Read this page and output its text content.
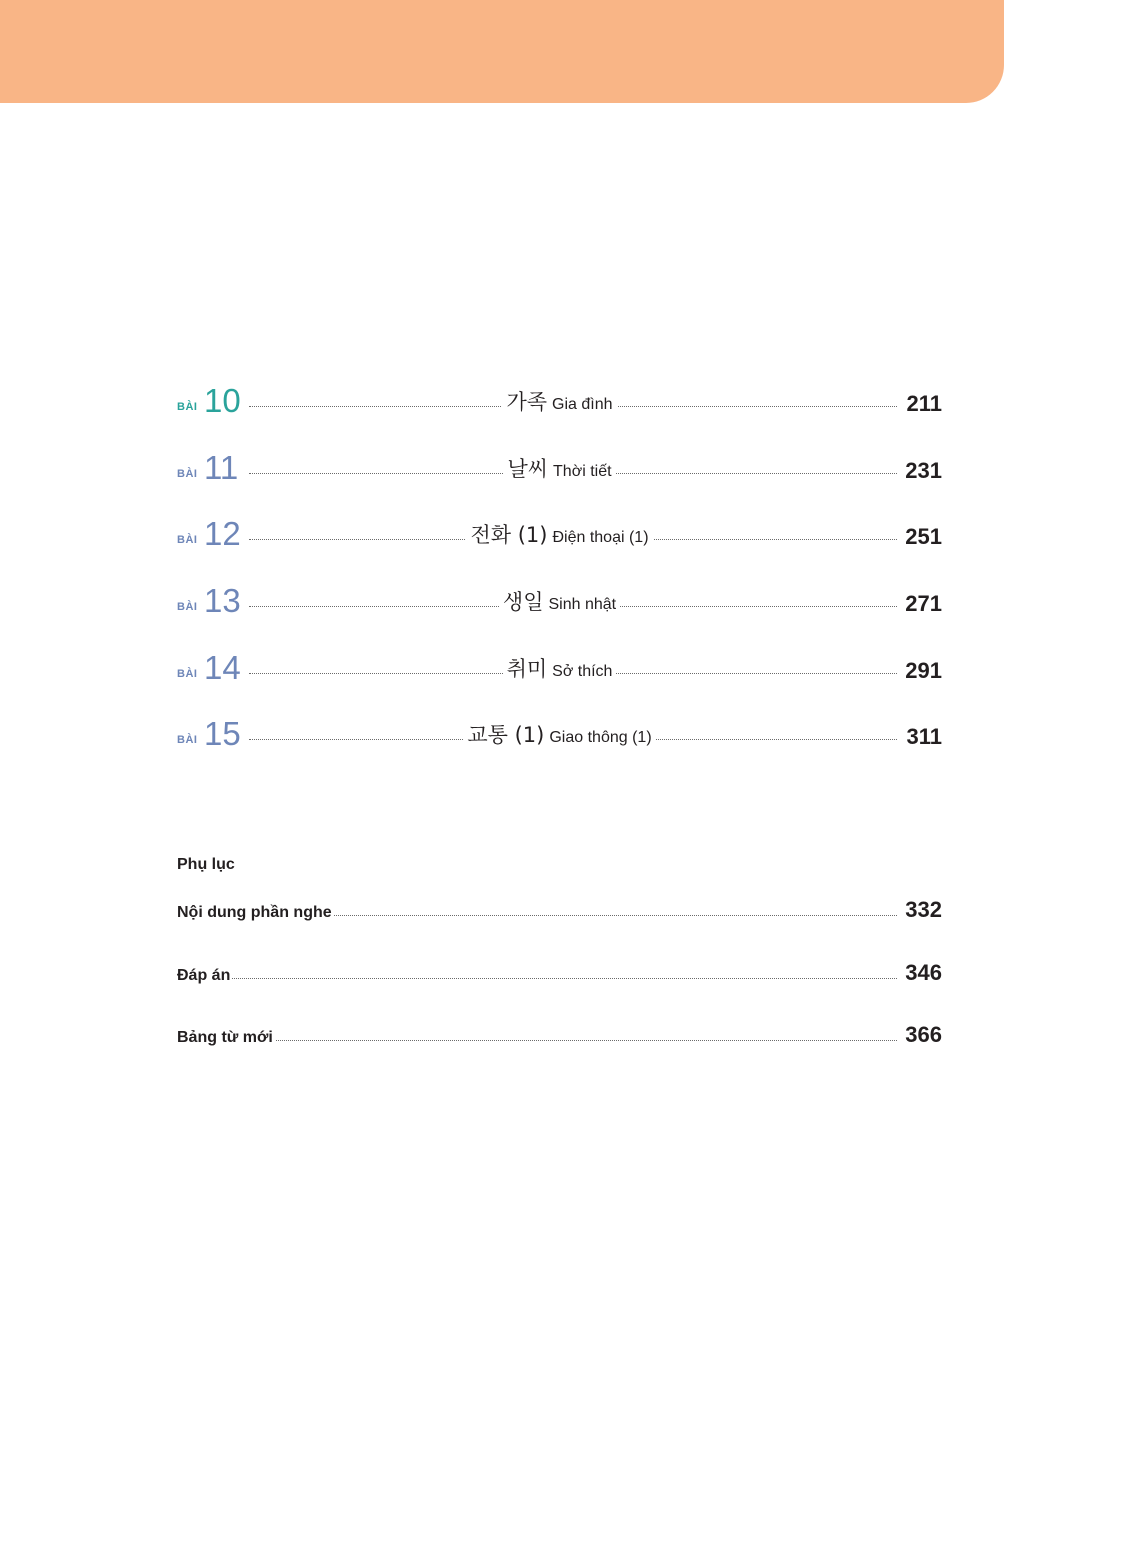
BÀI 10	가족 Gia đình	211
BÀI 11	날씨 Thời tiết	231
BÀI 12	전화 (1) Điện thoại (1)	251
BÀI 13	생일 Sinh nhật	271
BÀI 14	취미 Sở thích	291
BÀI 15	교통 (1) Giao thông (1)	311
Phụ lục
Nội dung phần nghe	332
Đáp án	346
Bảng từ mới	366
